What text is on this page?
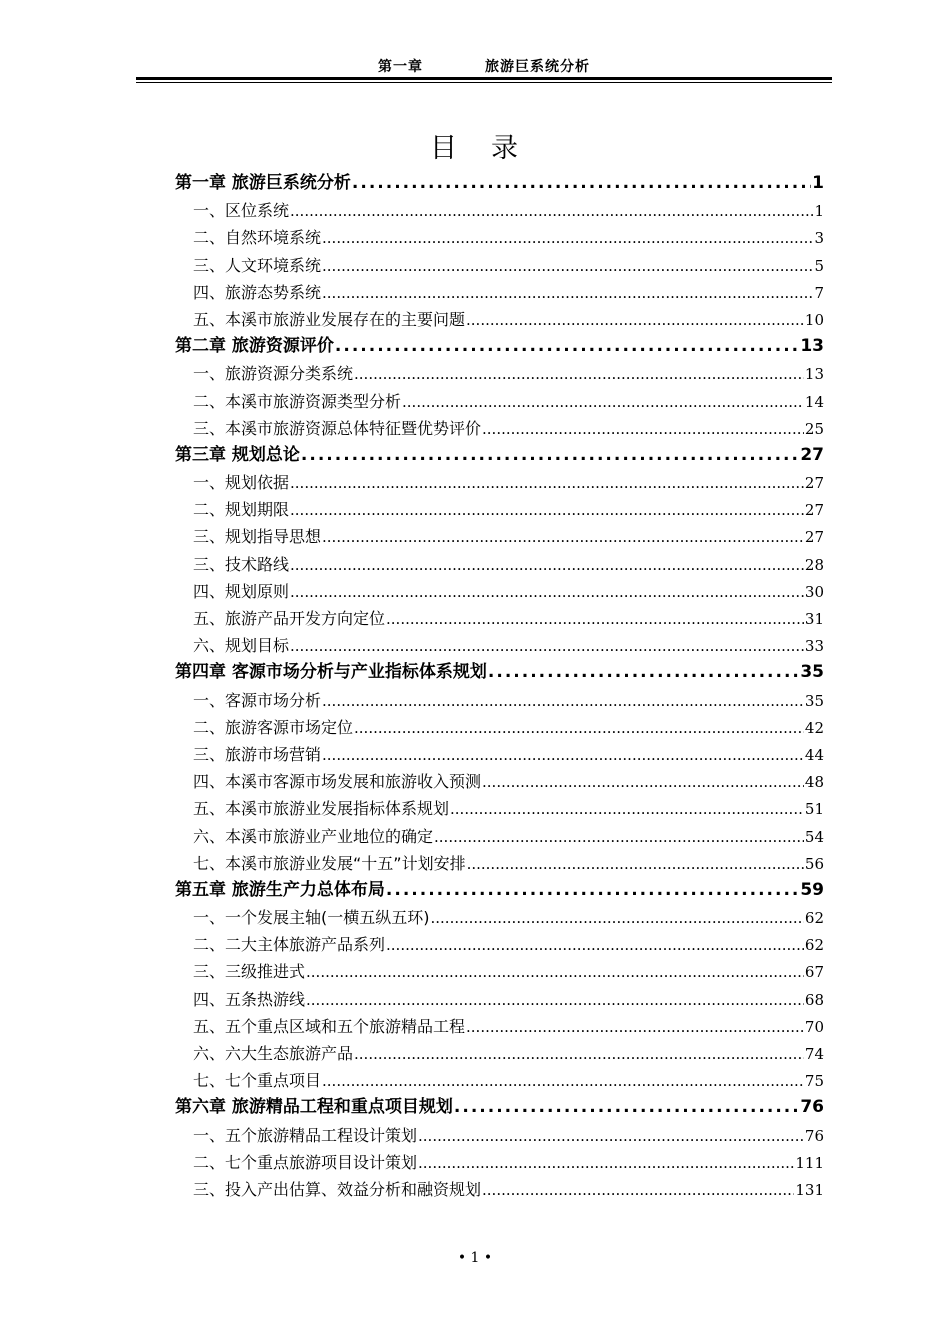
第一章	旅游巨系统分析
目 录
第一章 旅游巨系统分析 .....	1
一、区位系统 .....	1
二、自然环境系统 .....	3
三、人文环境系统 .....	5
四、旅游态势系统 .....	7
五、本溪市旅游业发展存在的主要问题 .....	10
第二章 旅游资源评价 .....	13
一、旅游资源分类系统 .....	13
二、本溪市旅游资源类型分析 .....	14
三、本溪市旅游资源总体特征暨优势评价 .....	25
第三章 规划总论 .....	27
一、规划依据 .....	27
二、规划期限 .....	27
三、规划指导思想 .....	27
三、技术路线 .....	28
四、规划原则 .....	30
五、旅游产品开发方向定位 .....	31
六、规划目标 .....	33
第四章 客源市场分析与产业指标体系规划 .....	35
一、客源市场分析 .....	35
二、旅游客源市场定位 .....	42
三、旅游市场营销 .....	44
四、本溪市客源市场发展和旅游收入预测 .....	48
五、本溪市旅游业发展指标体系规划 .....	51
六、本溪市旅游业产业地位的确定 .....	54
七、本溪市旅游业发展“十五”计划安排 .....	56
第五章 旅游生产力总体布局 .....	59
一、一个发展主轴(一横五纵五环) .....	62
二、二大主体旅游产品系列 .....	62
三、三级推进式 .....	67
四、五条热游线 .....	68
五、五个重点区域和五个旅游精品工程 .....	70
六、六大生态旅游产品 .....	74
七、七个重点项目 .....	75
第六章 旅游精品工程和重点项目规划 .....	76
一、五个旅游精品工程设计策划 .....	76
二、七个重点旅游项目设计策划 .....	111
三、投入产出估算、效益分析和融资规划 .....	131
• 1 •
